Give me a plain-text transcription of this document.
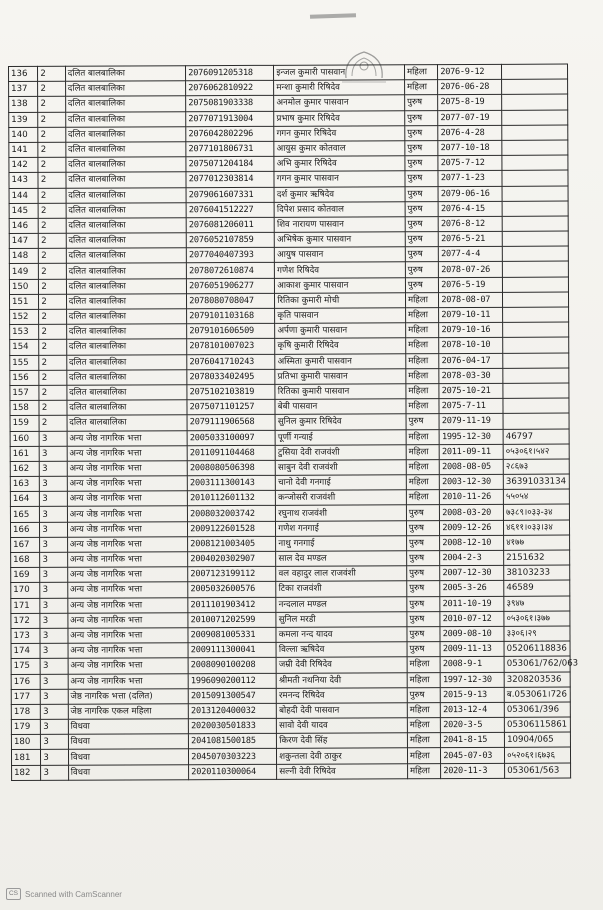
136	2	दलित बालबालिका	2076091205318	इन्जल कुमारी पासवान	महिला	2076-9-12	
137	2	दलित बालबालिका	2076062810922	मन्शा कुमारी रिषिदेव	महिला	2076-06-28	
138	2	दलित बालबालिका	2075081903338	अनमोल कुमार पासवान	पुरुष	2075-8-19	
139	2	दलित बालबालिका	2077071913004	प्रभाष कुमार रिषिदेव	पुरुष	2077-07-19	
140	2	दलित बालबालिका	2076042802296	गगन कुमार रिषिदेव	पुरुष	2076-4-28	
141	2	दलित बालबालिका	2077101806731	आयुस कुमार कोतवाल	पुरुष	2077-10-18	
142	2	दलित बालबालिका	2075071204184	अभि कुमार रिषिदेव	पुरुष	2075-7-12	
143	2	दलित बालबालिका	2077012303814	गगन कुमार पासवान	पुरुष	2077-1-23	
144	2	दलित बालबालिका	2079061607331	दर्श कुमार ऋषिदेव	पुरुष	2079-06-16	
145	2	दलित बालबालिका	2076041512227	दिपेश प्रसाद कोतवाल	पुरुष	2076-4-15	
146	2	दलित बालबालिका	2076081206011	शिव नारायण पासवान	पुरुष	2076-8-12	
147	2	दलित बालबालिका	2076052107859	अभिषेक कुमार पासवान	पुरुष	2076-5-21	
148	2	दलित बालबालिका	2077040407393	आयुष पासवान	पुरुष	2077-4-4	
149	2	दलित बालबालिका	2078072610874	गणेश रिषिदेव	पुरुष	2078-07-26	
150	2	दलित बालबालिका	2076051906277	आकाश कुमार पासवान	पुरुष	2076-5-19	
151	2	दलित बालबालिका	2078080708047	रितिका कुमारी मोची	महिला	2078-08-07	
152	2	दलित बालबालिका	2079101103168	कृति पासवान	महिला	2079-10-11	
153	2	दलित बालबालिका	2079101606509	अर्पणा कुमारी पासवान	महिला	2079-10-16	
154	2	दलित बालबालिका	2078101007023	कृषि कुमारी रिषिदेव	महिला	2078-10-10	
155	2	दलित बालबालिका	2076041710243	अस्मिता कुमारी पासवान	महिला	2076-04-17	
156	2	दलित बालबालिका	2078033402495	प्रतिभा कुमारी पासवान	महिला	2078-03-30	
157	2	दलित बालबालिका	2075102103819	रितिका कुमारी पासवान	महिला	2075-10-21	
158	2	दलित बालबालिका	2075071101257	बेबी पासवान	महिला	2075-7-11	
159	2	दलित बालबालिका	2079111906568	सुनिल कुमार रिषिदेव	पुरुष	2079-11-19	
160	3	अन्य जेष्ठ नागरिक भत्ता	2005033100097	पूर्णी गन्याई	महिला	1995-12-30	46797
161	3	अन्य जेष्ठ नागरिक भत्ता	2011091104468	टुसिया देवी राजवंशी	महिला	2011-09-11	०५३०६१।५४२
162	3	अन्य जेष्ठ नागरिक भत्ता	2008080506398	साबुन देवी राजवंशी	महिला	2008-08-05	२८६७३
163	3	अन्य जेष्ठ नागरिक भत्ता	2003111300143	चानो देवी गनगाई	महिला	2003-12-30	36391033134
164	3	अन्य जेष्ठ नागरिक भत्ता	2010112601132	कन्जोसरी राजवंशी	महिला	2010-11-26	५५०५४
165	3	अन्य जेष्ठ नागरिक भत्ता	2008032003742	रघुनाथ राजवंशी	पुरुष	2008-03-20	७३८९।०३३-३४
166	3	अन्य जेष्ठ नागरिक भत्ता	2009122601528	गणेश गनगाई	पुरुष	2009-12-26	४६११।०३३।३४
167	3	अन्य जेष्ठ नागरिक भत्ता	2008121003405	नाथु गनगाई	पुरुष	2008-12-10	४१७७
168	3	अन्य जेष्ठ नागरिक भत्ता	2004020302907	साल देव मण्डल	पुरुष	2004-2-3	2151632
169	3	अन्य जेष्ठ नागरिक भत्ता	2007123199112	वल वहादुर लाल राजवंशी	पुरुष	2007-12-30	38103233
170	3	अन्य जेष्ठ नागरिक भत्ता	2005032600576	टिका राजवंशी	पुरुष	2005-3-26	46589
171	3	अन्य जेष्ठ नागरिक भत्ता	2011101903412	नन्दलाल मण्डल	पुरुष	2011-10-19	३९४७
172	3	अन्य जेष्ठ नागरिक भत्ता	2010071202599	सुनिल मरडी	पुरुष	2010-07-12	०५३०६१।३७७
173	3	अन्य जेष्ठ नागरिक भत्ता	2009081005331	कमला नन्द यादव	पुरुष	2009-08-10	३३०६।२९
174	3	अन्य जेष्ठ नागरिक भत्ता	2009111300041	विल्ला ऋषिदेव	पुरुष	2009-11-13	05206118836
175	3	अन्य जेष्ठ नागरिक भत्ता	2008090100208	जम्री देवी रिषिदेव	महिला	2008-9-1	053061/762/063
176	3	अन्य जेष्ठ नागरिक भत्ता	1996090200112	श्रीमती नथनिया देवी	महिला	1997-12-30	3208203536
177	3	जेष्ठ नागरिक भत्ता (दलित)	2015091300547	रमनन्द रिषिदेव	पुरुष	2015-9-13	ब.053061।726
178	3	जेष्ठ नागरिक एकल महिला	2013120400032	बोहदी देवी पासवान	महिला	2013-12-4	053061/396
179	3	विधवा	2020030501833	सावो देवी यादव	महिला	2020-3-5	05306115861
180	3	विधवा	2041081500185	किरण देवी सिंह	महिला	2041-8-15	10904/065
181	3	विधवा	2045070303223	शकुन्तला देवी ठाकुर	महिला	2045-07-03	०५२०६१।६७३६
182	3	विधवा	2020110300064	सल्नी देवी रिषिदेव	महिला	2020-11-3	053061/563
CS Scanned with CamScanner
